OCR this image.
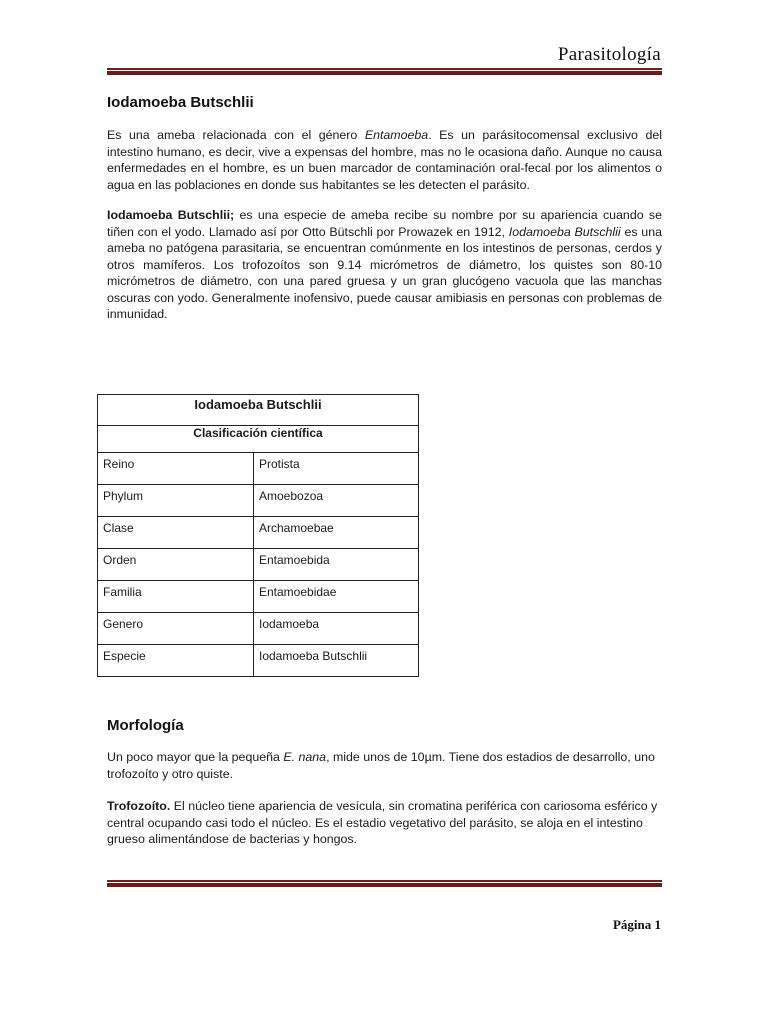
Parasitología
Iodamoeba Butschlii
Es una ameba relacionada con el género Entamoeba. Es un parásitocomensal exclusivo del intestino humano, es decir, vive a expensas del hombre, mas no le ocasiona daño. Aunque no causa enfermedades en el hombre, es un buen marcador de contaminación oral-fecal por los alimentos o agua en las poblaciones en donde sus habitantes se les detecten el parásito.
Iodamoeba Butschlii; es una especie de ameba recibe su nombre por su apariencia cuando se tiñen con el yodo. Llamado así por Otto Bütschli por Prowazek en 1912, Iodamoeba Butschlii es una ameba no patógena parasitaria, se encuentran comúnmente en los intestinos de personas, cerdos y otros mamíferos. Los trofozoítos son 9.14 micrómetros de diámetro, los quistes son 80-10 micrómetros de diámetro, con una pared gruesa y un gran glucógeno vacuola que las manchas oscuras con yodo. Generalmente inofensivo, puede causar amibiasis en personas con problemas de inmunidad.
Iodamoeba Butschlii	
Clasificación científica	
Reino	Protista
Phylum	Amoebozoa
Clase	Archamoebae
Orden	Entamoebida
Familia	Entamoebidae
Genero	Iodamoeba
Especie	Iodamoeba Butschlii
Morfología
Un poco mayor que la pequeña E. nana, mide unos de 10µm. Tiene dos estadios de desarrollo, uno trofozoíto y otro quiste.
Trofozoíto. El núcleo tiene apariencia de vesícula, sin cromatina periférica con cariosoma esférico y central ocupando casi todo el núcleo. Es el estadio vegetativo del parásito, se aloja en el intestino grueso alimentándose de bacterias y hongos.
Página 1
